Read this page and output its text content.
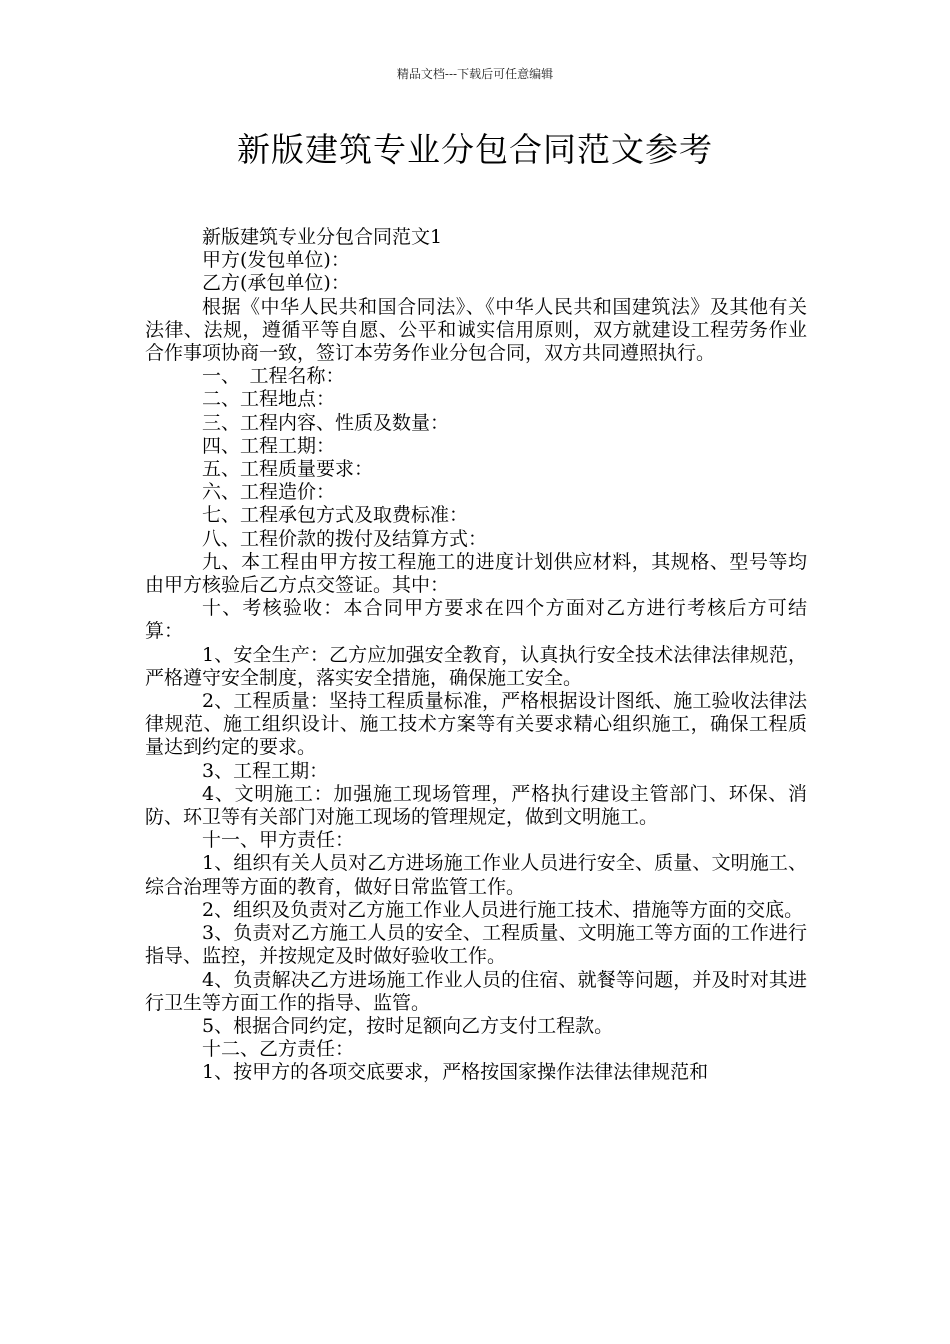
精品文档---下载后可任意编辑
新版建筑专业分包合同范文参考

新版建筑专业分包合同范文1

甲方(发包单位)：

乙方(承包单位)：

根据《中华人民共和国合同法》、《中华人民共和国建筑法》及其他有关法律、法规，遵循平等自愿、公平和诚实信用原则，双方就建设工程劳务作业合作事项协商一致，签订本劳务作业分包合同，双方共同遵照执行。

一、　工程名称：

二、工程地点：

三、工程内容、性质及数量：

四、工程工期：

五、工程质量要求：

六、工程造价：

七、工程承包方式及取费标准：

八、工程价款的拨付及结算方式：

九、本工程由甲方按工程施工的进度计划供应材料，其规格、型号等均由甲方核验后乙方点交签证。其中：

十、考核验收：本合同甲方要求在四个方面对乙方进行考核后方可结算：

1、安全生产：乙方应加强安全教育，认真执行安全技术法律法律规范，严格遵守安全制度，落实安全措施，确保施工安全。

2、工程质量：坚持工程质量标准，严格根据设计图纸、施工验收法律法律规范、施工组织设计、施工技术方案等有关要求精心组织施工，确保工程质量达到约定的要求。

3、工程工期：

4、文明施工：加强施工现场管理，严格执行建设主管部门、环保、消防、环卫等有关部门对施工现场的管理规定，做到文明施工。

十一、甲方责任：

1、组织有关人员对乙方进场施工作业人员进行安全、质量、文明施工、综合治理等方面的教育，做好日常监管工作。

2、组织及负责对乙方施工作业人员进行施工技术、措施等方面的交底。

3、负责对乙方施工人员的安全、工程质量、文明施工等方面的工作进行指导、监控，并按规定及时做好验收工作。

4、负责解决乙方进场施工作业人员的住宿、就餐等问题，并及时对其进行卫生等方面工作的指导、监管。

5、根据合同约定，按时足额向乙方支付工程款。

十二、乙方责任：

1、按甲方的各项交底要求，严格按国家操作法律法律规范和
